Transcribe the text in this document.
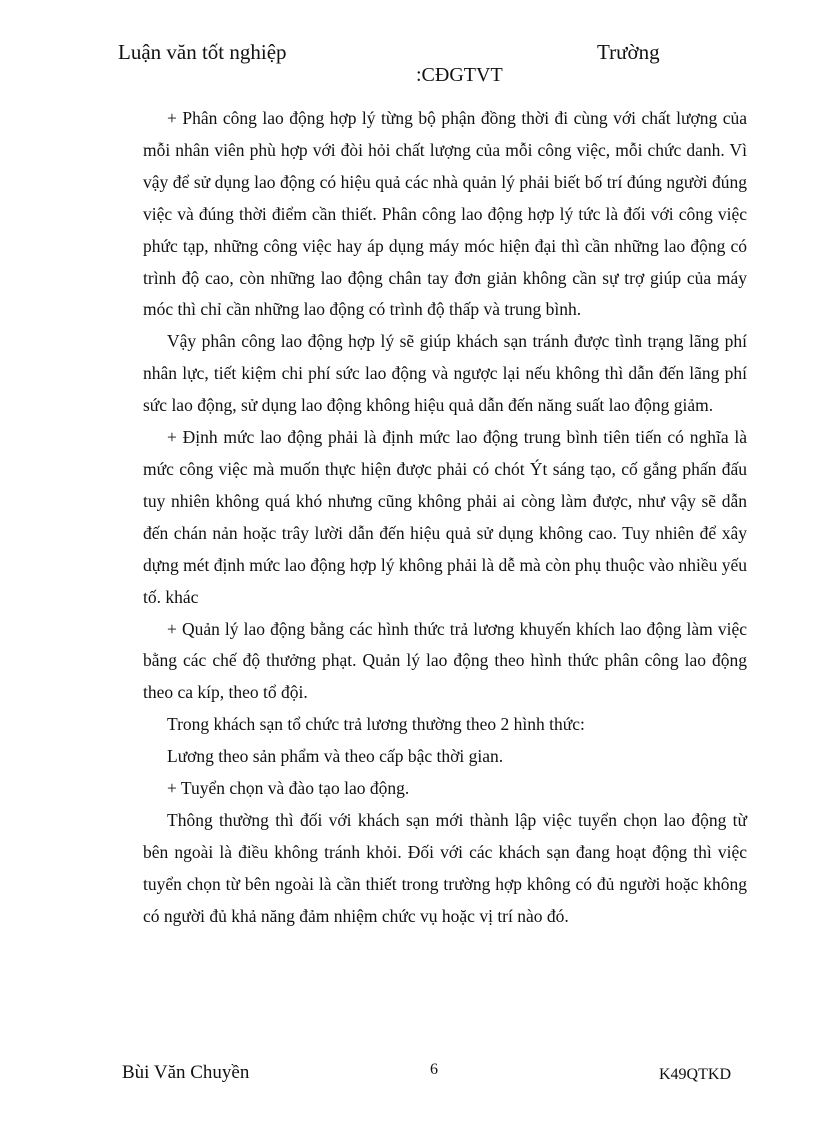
Luận văn tốt nghiệp	Trường
:CĐGTVT

+ Phân công lao động hợp lý từng bộ phận đồng thời đi cùng với chất lượng của mỗi nhân viên phù hợp với đòi hỏi chất lượng của mỗi công việc, mỗi chức danh. Vì vậy để sử dụng lao động có hiệu quả các nhà quản lý phải biết bố trí đúng người đúng việc và đúng thời điểm cần thiết. Phân công lao động hợp lý tức là đối với công việc phức tạp, những công việc hay áp dụng máy móc hiện đại thì cần những lao động có trình độ cao, còn những lao động chân tay đơn giản không cần sự trợ giúp của máy móc thì chỉ cần những lao động có trình độ thấp và trung bình.

Vậy phân công lao động hợp lý sẽ giúp khách sạn tránh được tình trạng lãng phí nhân lực, tiết kiệm chi phí sức lao động và ngược lại nếu không thì dẫn đến lãng phí sức lao động, sử dụng lao động không hiệu quả dẫn đến năng suất lao động giảm.

+ Định mức lao động phải là định mức lao động trung bình tiên tiến có nghĩa là mức công việc mà muốn thực hiện được phải có chót Ýt sáng tạo, cố gắng phấn đấu tuy nhiên không quá khó nhưng cũng không phải ai còng làm được, như vậy sẽ dẫn đến chán nản hoặc trây lười dẫn đến hiệu quả sử dụng không cao. Tuy nhiên để xây dựng mét định mức lao động hợp lý không phải là dễ mà còn phụ thuộc vào nhiều yếu tố. khác

+ Quản lý lao động bằng các hình thức trả lương khuyến khích lao động làm việc bằng các chế độ thưởng phạt. Quản lý lao động theo hình thức phân công lao động theo ca kíp, theo tổ đội.

Trong khách sạn tổ chức trả lương thường theo 2 hình thức:

Lương theo sản phẩm và theo cấp bậc thời gian.

+ Tuyển chọn và đào tạo lao động.

Thông thường thì đối với khách sạn mới thành lập việc tuyển chọn lao động từ bên ngoài là điều không tránh khỏi. Đối với các khách sạn đang hoạt động thì việc tuyển chọn từ bên ngoài là cần thiết trong trường hợp không có đủ người hoặc không có người đủ khả năng đảm nhiệm chức vụ hoặc vị trí nào đó.

Bùi Văn Chuyền	6	K49QTKD
